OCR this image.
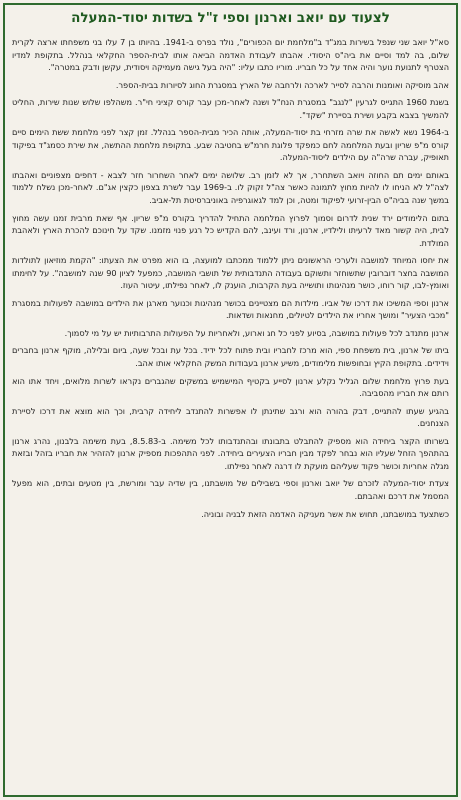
לצעוד עם יואב וארנון וספי ז"ל בשדות יסוד-המעלה

סא"ל יואב שני שנפל בשירות במג"ד ב"מלחמת יום הכפורים", נולד בפרס ב-1941. בהיותו בן 7 עלו בני משפחתו ארצה לקרית שלום, בה למד וסיים את ביה"ס היסודי. אהבתו לעבודת האדמה הביאה אותו לבית-הספר החקלאי בנהלל. בתקופת למדיו הצטרף לתנועת נוער והיה אחד על כל חבריו. מוריו כתבו עליו: "היה בעל גישה מעמיקה ויסודית, עקשן ודבק במטרה".

אהב מוסיקה ואומנות והרבה לסייר לארכה ולרחבה של הארץ במסגרת החוג לסיורות בבית-הספר.

בשנת 1960 התגייס לגרעין "לנגב" במסגרת הנח"ל ושנה לאחר-מכן עבר קורס קציני חי"ר. משהלפו שלוש שנות שירות, החליט להמשיך בצבא בקבע ושירת בסיירת "שקד".

ב-1964 נשא לאשה את שרה מזרחי בת יסוד-המעלה, אותה הכיר מבית-הספר בנהלל. זמן קצר לפני מלחמת ששת הימים סיים קורס מ"פ שריון ובעת המלחמה לחם כמפקד פלוגת חרמ"ש בחטיבה שבע. בתקופת מלחמת ההתשה, את שירת כסמג"ד בפיקוד תאופיק, עברה שרה"ה עם הילדים ליסוד-המעלה.

באותם ימים תם החוזה ויואב השתחרר, אך לא לזמן רב. שלושה ימים לאחר השחרור חזר לצבא - דחפים מצפוניים ואהבתו לצה"ל לא הניחו לו להיות מחוץ לתמונה כאשר צה"ל זקוק לו. ב-1969 עבר לשרת בצפון כקצין אג"ם. לאחר-מכן נשלח ללמוד במשך שנה בביה"ס הבין-זרועי לפיקוד ומטה, וכן למד לגאוגרפיה באוניברסיטת תל-אביב.

בתום הלימודים ירד שנית לדרום וסמוך לפרוץ המלחמה התחיל להדריך בקורס מ"פ שריון. אף שאת מרבית זמנו עשה מחוץ לבית, היה קשור מאד לרעיתו ולילדיו, ארנון, ורד ועינב, להם הקדיש כל רגע פנוי מזמנו. שקד על חינוכם להכרת הארץ ולאהבת המולדת.

את יחסו המיוחד למושבה ולערכי הראשונים ניתן ללמוד ממכתבו למועצה, בו הוא מפרט את הצעתו: "הקמת מוזיאון לתולדות המושבה בחצר דוברובין שתשוחזר ותשוקם בעבודה התנדבותית של תושבי המושבה, כמפעל לציון 90 שנה למושבה". על לחימתו ואומץ-לבו, קור רוחו, כושר מנהיגותו ותושייה בעת הקרבות, הוענק לו, לאחר נפילתו, עיטור העוז.

ארנון וספי המשיכו את דרכו של אביו. מילדות הם מצטיינים בכושר מנהיגות וכנוער מארגן את הילדים במושבה לפעולות במסגרת "מכבי הצעיר" ומושך אחריו את הילדים לטיולים, מחנאות ושדאות.

ארנון מתנדב לכל פעולות במושבה, בסיוע לפני כל חג וארוע, ולאחריות על הפעולות התרבותיות יש על מי לסמוך.

ביתו של ארנון, בית משפחת ספי, הוא מרכז לחבריו ובית פתוח לכל ידיד. בכל עת ובכל שעה, ביום ובלילה, מוקף ארנון בחברים וידידים. בתקופת הקיץ ובחופשות מלימודים, משיע ארנון בעבודות המשק החקלאי אותו אהב.

בעת פרוץ מלחמת שלום הגליל נקלע ארנון לסייע בקטיף המישמיש במשקים שהגברים נקראו לשרות מלואים, ויחד אתו הוא רותם את חבריו מהסביבה.

בהגיע שעתו להתגייס, דבק בהורה הוא ורגב שתינתן לו אפשרות להתנדב ליחידה קרבית, וכך הוא מוצא את דרכו לסיירת הצנחנים.

בשרותו הקצר ביחידה הוא מספיק להתבלט בתבונתו ובהתנדבותו לכל משימה. ב-8.5.83, בעת משימה בלבנון, נהרג ארנון בהתהפך הזחל שעליו הוא נבחר לפקד מבין חבריו הצעירים ביחידה. לפני התהפכות מספיק ארנון להזהיר את חבריו בזהל ובזאת מגלה אחריות וכושר פקוד שעליהם מועקת לו דרגה לאחר נפילתו.

צעדת יסוד-המעלה לזכרם של יואב וארנון וספי בשבילים של מושבתנו, בין שדיה עבר ומורשת, בין מטעים ובתים, הוא מפעל המסמל את דרכם ואהבתם.

כשתצעד במושבתנו, תחוש את אשר מעניקה האדמה הזאת לבניה ובוניה.
